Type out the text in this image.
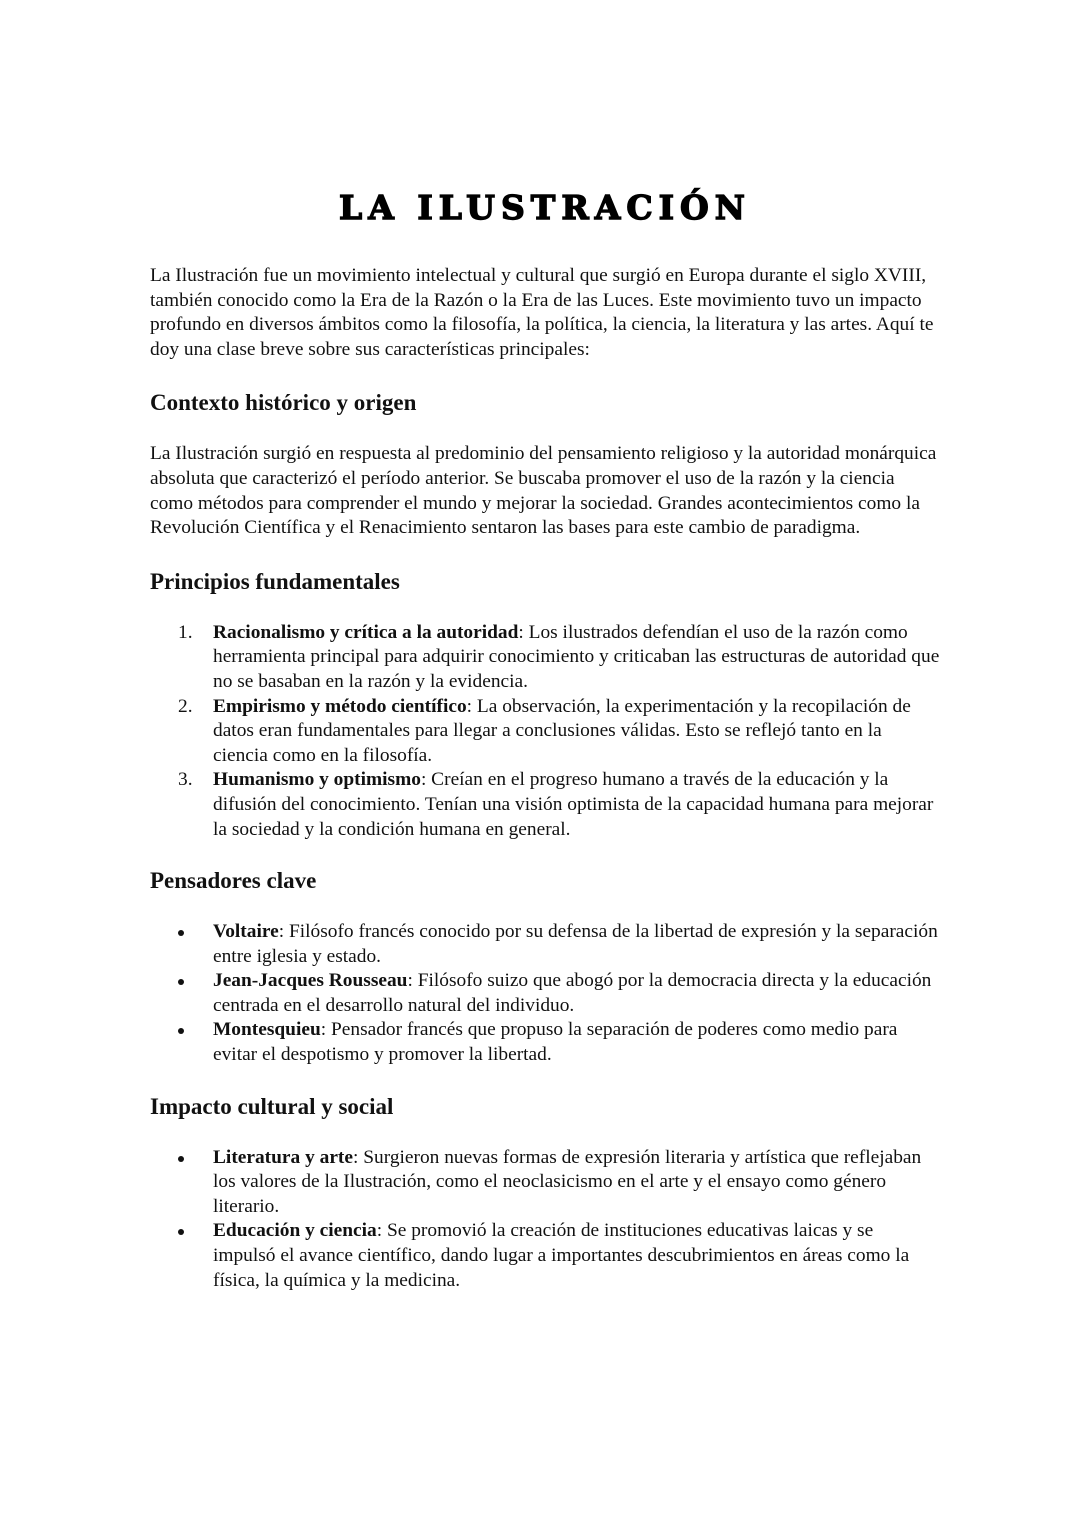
LA ILUSTRACIÓN

La Ilustración fue un movimiento intelectual y cultural que surgió en Europa durante el siglo XVIII, también conocido como la Era de la Razón o la Era de las Luces. Este movimiento tuvo un impacto profundo en diversos ámbitos como la filosofía, la política, la ciencia, la literatura y las artes. Aquí te doy una clase breve sobre sus características principales:

Contexto histórico y origen

La Ilustración surgió en respuesta al predominio del pensamiento religioso y la autoridad monárquica absoluta que caracterizó el período anterior. Se buscaba promover el uso de la razón y la ciencia como métodos para comprender el mundo y mejorar la sociedad. Grandes acontecimientos como la Revolución Científica y el Renacimiento sentaron las bases para este cambio de paradigma.

Principios fundamentales
1.	Racionalismo y crítica a la autoridad: Los ilustrados defendían el uso de la razón como herramienta principal para adquirir conocimiento y criticaban las estructuras de autoridad que no se basaban en la razón y la evidencia.
2.	Empirismo y método científico: La observación, la experimentación y la recopilación de datos eran fundamentales para llegar a conclusiones válidas. Esto se reflejó tanto en la ciencia como en la filosofía.
3.	Humanismo y optimismo: Creían en el progreso humano a través de la educación y la difusión del conocimiento. Tenían una visión optimista de la capacidad humana para mejorar la sociedad y la condición humana en general.
Pensadores clave
Voltaire: Filósofo francés conocido por su defensa de la libertad de expresión y la separación entre iglesia y estado.
Jean-Jacques Rousseau: Filósofo suizo que abogó por la democracia directa y la educación centrada en el desarrollo natural del individuo.
Montesquieu: Pensador francés que propuso la separación de poderes como medio para evitar el despotismo y promover la libertad.
Impacto cultural y social
Literatura y arte: Surgieron nuevas formas de expresión literaria y artística que reflejaban los valores de la Ilustración, como el neoclasicismo en el arte y el ensayo como género literario.
Educación y ciencia: Se promovió la creación de instituciones educativas laicas y se impulsó el avance científico, dando lugar a importantes descubrimientos en áreas como la física, la química y la medicina.
